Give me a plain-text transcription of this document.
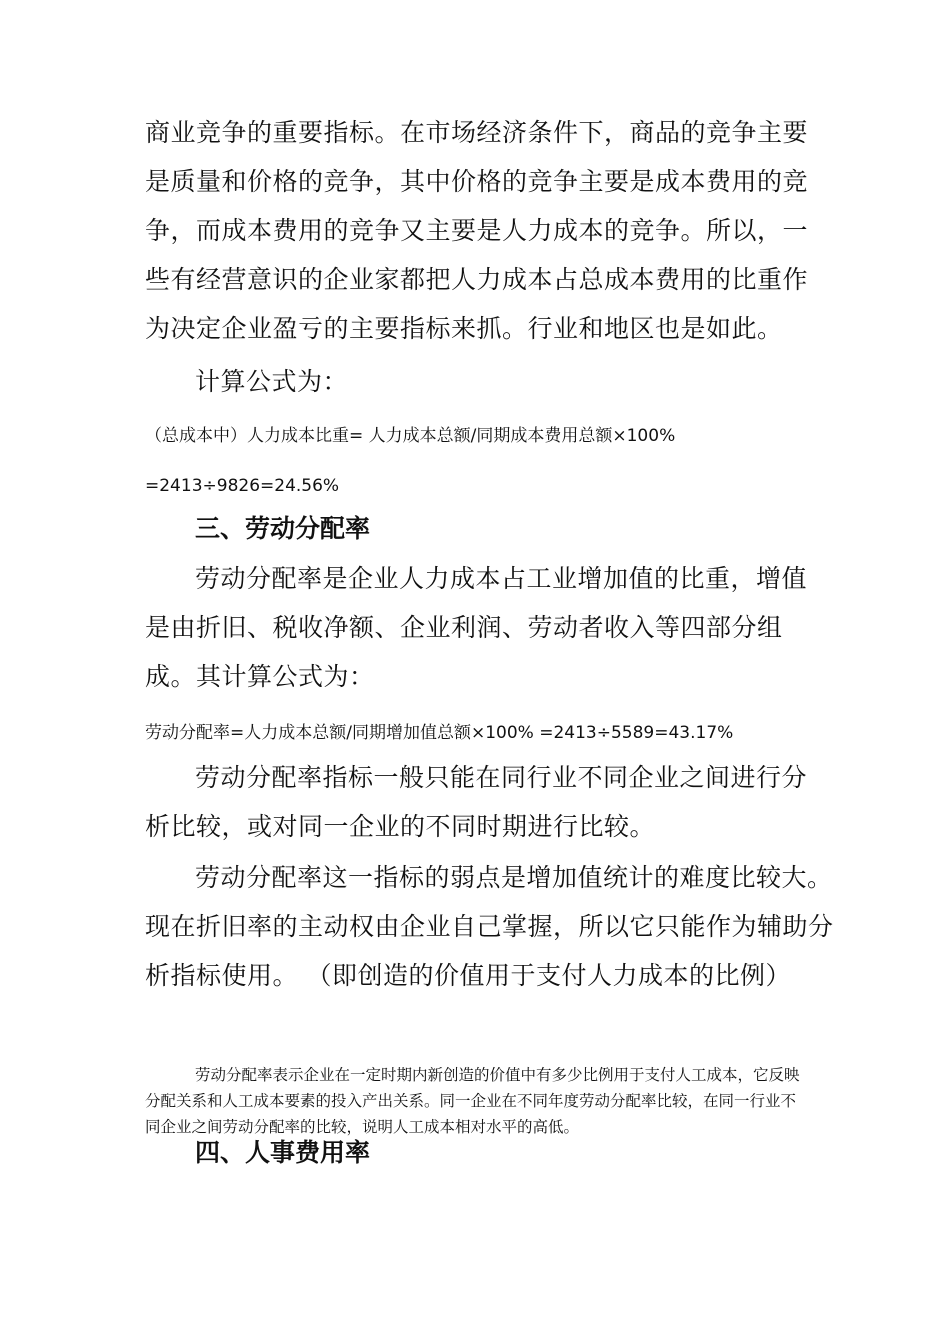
商业竞争的重要指标。在市场经济条件下，商品的竞争主要是质量和价格的竞争，其中价格的竞争主要是成本费用的竞争，而成本费用的竞争又主要是人力成本的竞争。所以，一些有经营意识的企业家都把人力成本占总成本费用的比重作为决定企业盈亏的主要指标来抓。行业和地区也是如此。

计算公式为：

（总成本中）人力成本比重= 人力成本总额/同期成本费用总额×100%

=2413÷9826=24.56%

三、劳动分配率

劳动分配率是企业人力成本占工业增加值的比重，增值是由折旧、税收净额、企业利润、劳动者收入等四部分组成。其计算公式为：

劳动分配率=人力成本总额/同期增加值总额×100% =2413÷5589=43.17%

劳动分配率指标一般只能在同行业不同企业之间进行分析比较，或对同一企业的不同时期进行比较。

劳动分配率这一指标的弱点是增加值统计的难度比较大。现在折旧率的主动权由企业自己掌握，所以它只能作为辅助分析指标使用。 （即创造的价值用于支付人力成本的比例）

劳动分配率表示企业在一定时期内新创造的价值中有多少比例用于支付人工成本，它反映分配关系和人工成本要素的投入产出关系。同一企业在不同年度劳动分配率比较，在同一行业不同企业之间劳动分配率的比较，说明人工成本相对水平的高低。

四、人事费用率
